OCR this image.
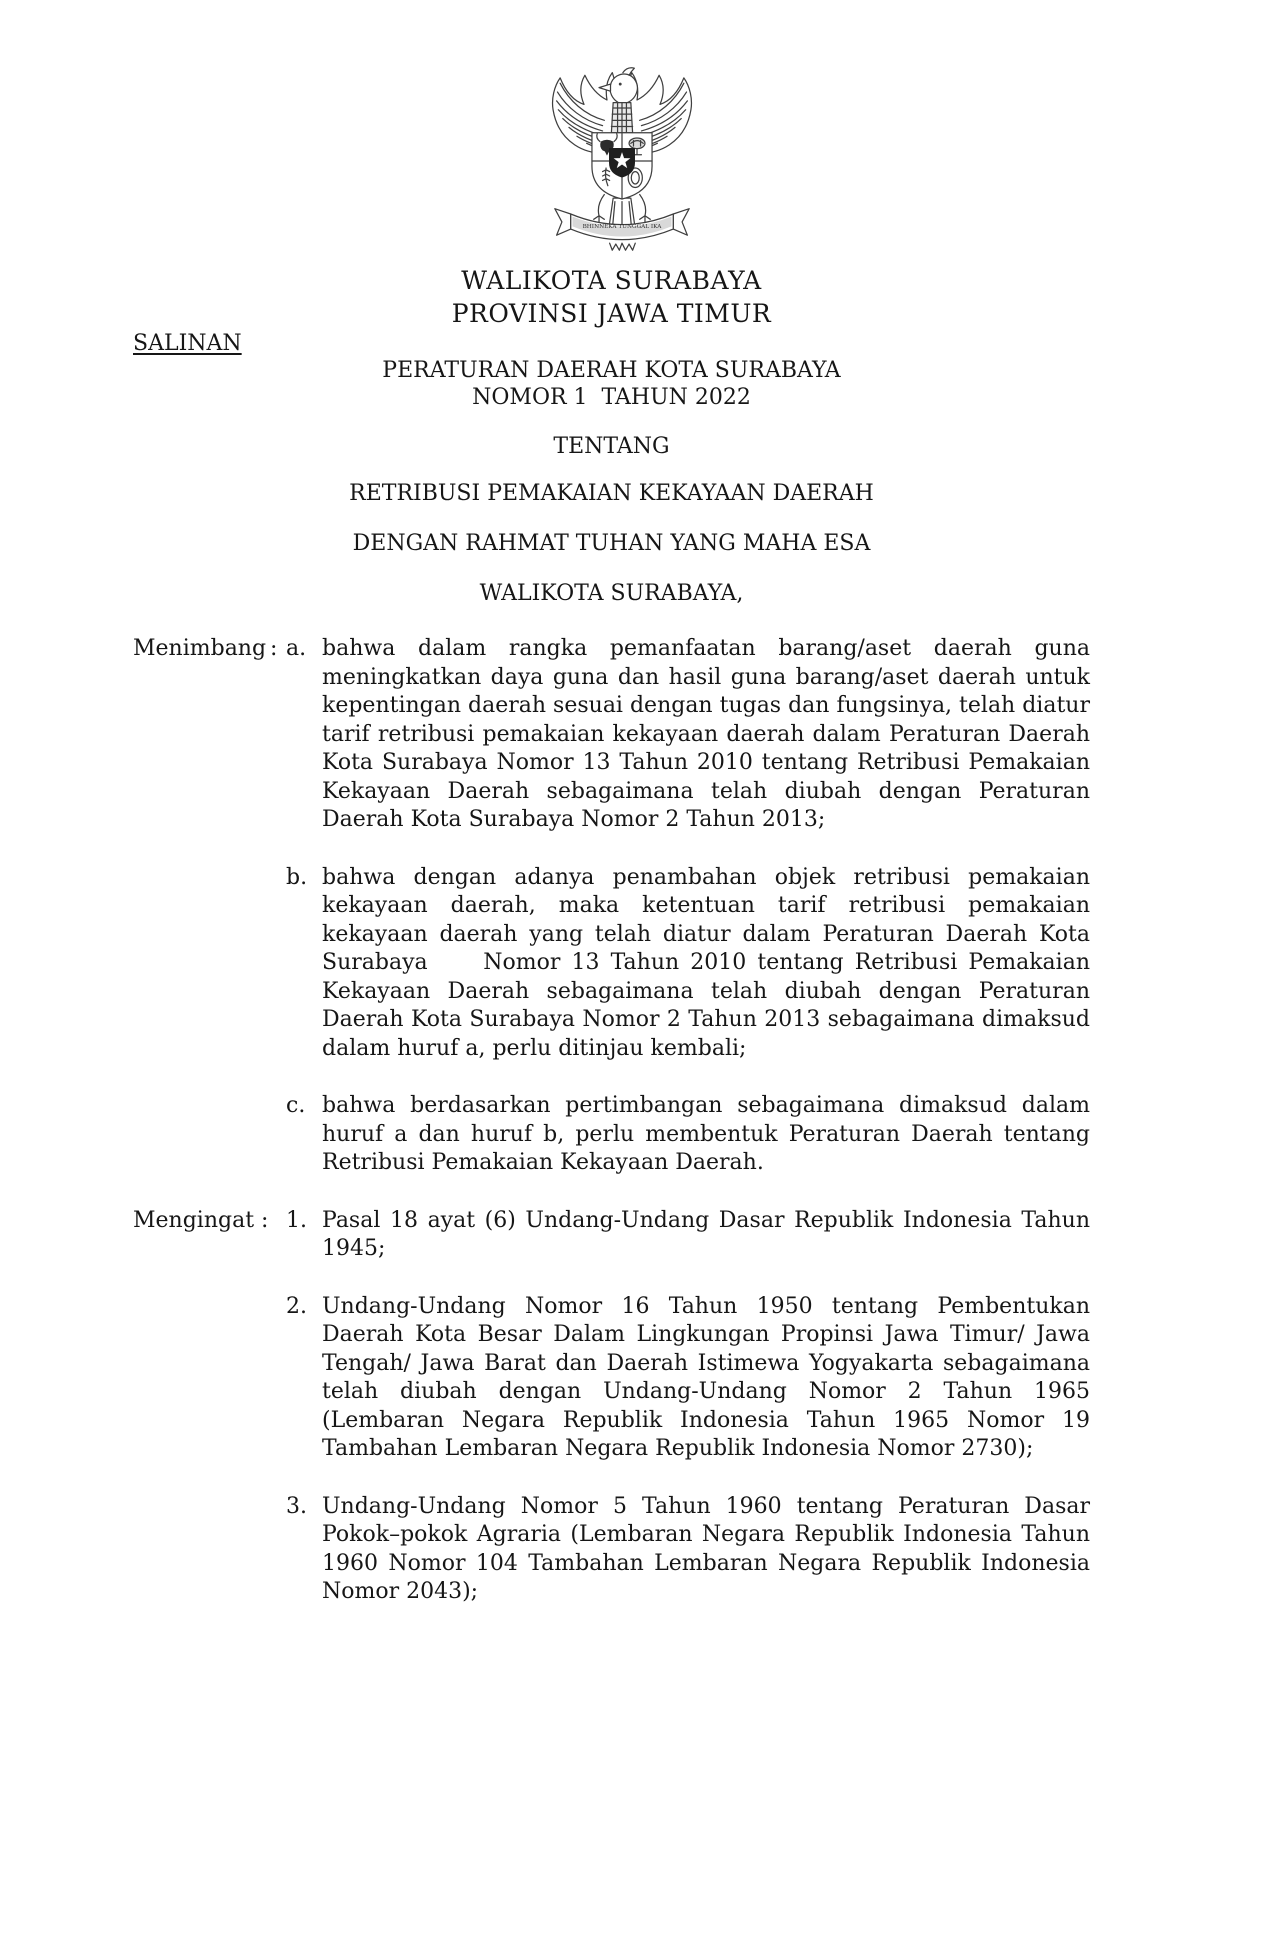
BHINNEKA TUNGGAL IKA
SALINAN
WALIKOTA SURABAYA
PROVINSI JAWA TIMUR
PERATURAN DAERAH KOTA SURABAYA
NOMOR 1  TAHUN 2022
TENTANG
RETRIBUSI PEMAKAIAN KEKAYAAN DAERAH
DENGAN RAHMAT TUHAN YANG MAHA ESA
WALIKOTA SURABAYA,
Menimbang : a. bahwa dalam rangka pemanfaatan barang/aset daerah guna meningkatkan daya guna dan hasil guna barang/aset daerah untuk kepentingan daerah sesuai dengan tugas dan fungsinya, telah diatur tarif retribusi pemakaian kekayaan daerah dalam Peraturan Daerah Kota Surabaya Nomor 13 Tahun 2010 tentang Retribusi Pemakaian Kekayaan Daerah sebagaimana telah diubah dengan Peraturan Daerah Kota Surabaya Nomor 2 Tahun 2013;
b. bahwa dengan adanya penambahan objek retribusi pemakaian kekayaan daerah, maka ketentuan tarif retribusi pemakaian kekayaan daerah yang telah diatur dalam Peraturan Daerah Kota Surabaya     Nomor 13 Tahun 2010 tentang Retribusi Pemakaian Kekayaan Daerah sebagaimana telah diubah dengan Peraturan Daerah Kota Surabaya Nomor 2 Tahun 2013 sebagaimana dimaksud dalam huruf a, perlu ditinjau kembali;
c. bahwa berdasarkan pertimbangan sebagaimana dimaksud dalam huruf a dan huruf b, perlu membentuk Peraturan Daerah tentang Retribusi Pemakaian Kekayaan Daerah.
Mengingat : 1. Pasal 18 ayat (6) Undang-Undang Dasar Republik Indonesia Tahun 1945;
2. Undang-Undang Nomor 16 Tahun 1950 tentang Pembentukan Daerah Kota Besar Dalam Lingkungan Propinsi Jawa Timur/ Jawa Tengah/ Jawa Barat dan Daerah Istimewa Yogyakarta sebagaimana telah diubah dengan Undang-Undang Nomor 2 Tahun 1965 (Lembaran Negara Republik Indonesia Tahun 1965 Nomor 19 Tambahan Lembaran Negara Republik Indonesia Nomor 2730);
3. Undang-Undang Nomor 5 Tahun 1960 tentang Peraturan Dasar Pokok–pokok Agraria (Lembaran Negara Republik Indonesia Tahun 1960 Nomor 104 Tambahan Lembaran Negara Republik Indonesia Nomor 2043);
